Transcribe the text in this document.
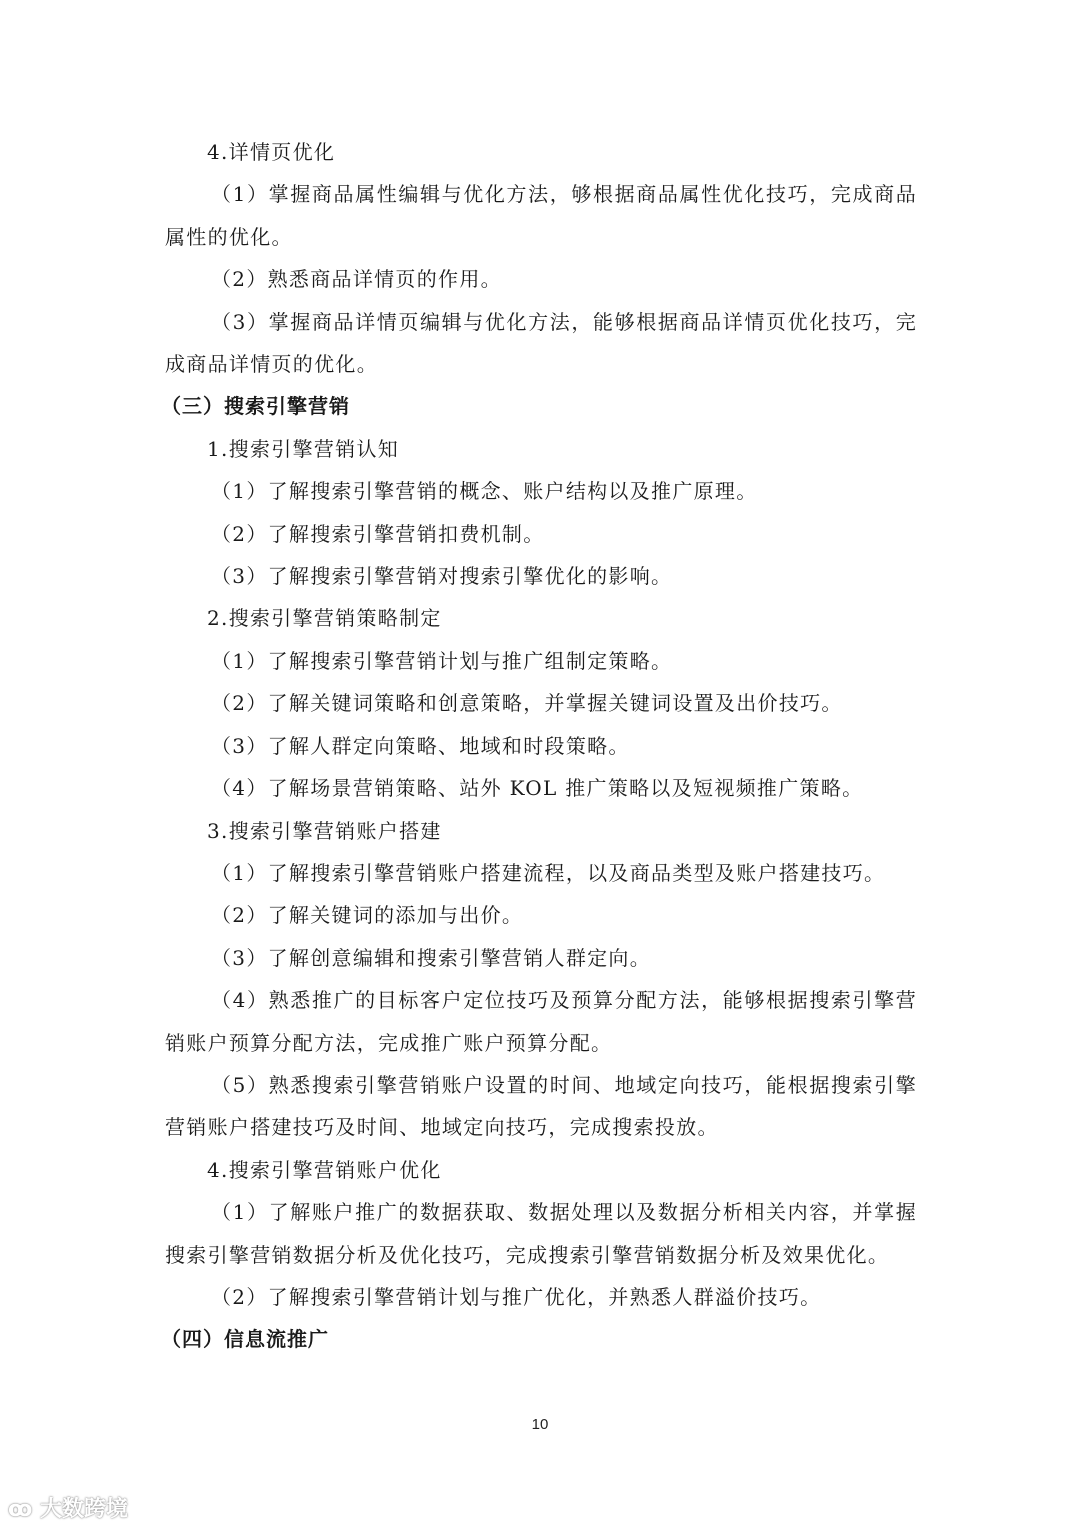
4.详情页优化

（1）掌握商品属性编辑与优化方法，够根据商品属性优化技巧，完成商品属性的优化。

（2）熟悉商品详情页的作用。

（3）掌握商品详情页编辑与优化方法，能够根据商品详情页优化技巧，完成商品详情页的优化。

（三）搜索引擎营销

1.搜索引擎营销认知

（1）了解搜索引擎营销的概念、账户结构以及推广原理。

（2）了解搜索引擎营销扣费机制。

（3）了解搜索引擎营销对搜索引擎优化的影响。

2.搜索引擎营销策略制定

（1）了解搜索引擎营销计划与推广组制定策略。

（2）了解关键词策略和创意策略，并掌握关键词设置及出价技巧。

（3）了解人群定向策略、地域和时段策略。

（4）了解场景营销策略、站外 KOL 推广策略以及短视频推广策略。

3.搜索引擎营销账户搭建

（1）了解搜索引擎营销账户搭建流程，以及商品类型及账户搭建技巧。

（2）了解关键词的添加与出价。

（3）了解创意编辑和搜索引擎营销人群定向。

（4）熟悉推广的目标客户定位技巧及预算分配方法，能够根据搜索引擎营销账户预算分配方法，完成推广账户预算分配。

（5）熟悉搜索引擎营销账户设置的时间、地域定向技巧，能根据搜索引擎营销账户搭建技巧及时间、地域定向技巧，完成搜索投放。

4.搜索引擎营销账户优化

（1）了解账户推广的数据获取、数据处理以及数据分析相关内容，并掌握搜索引擎营销数据分析及优化技巧，完成搜索引擎营销数据分析及效果优化。

（2）了解搜索引擎营销计划与推广优化，并熟悉人群溢价技巧。

（四）信息流推广

10
ꝏ 大数跨境
